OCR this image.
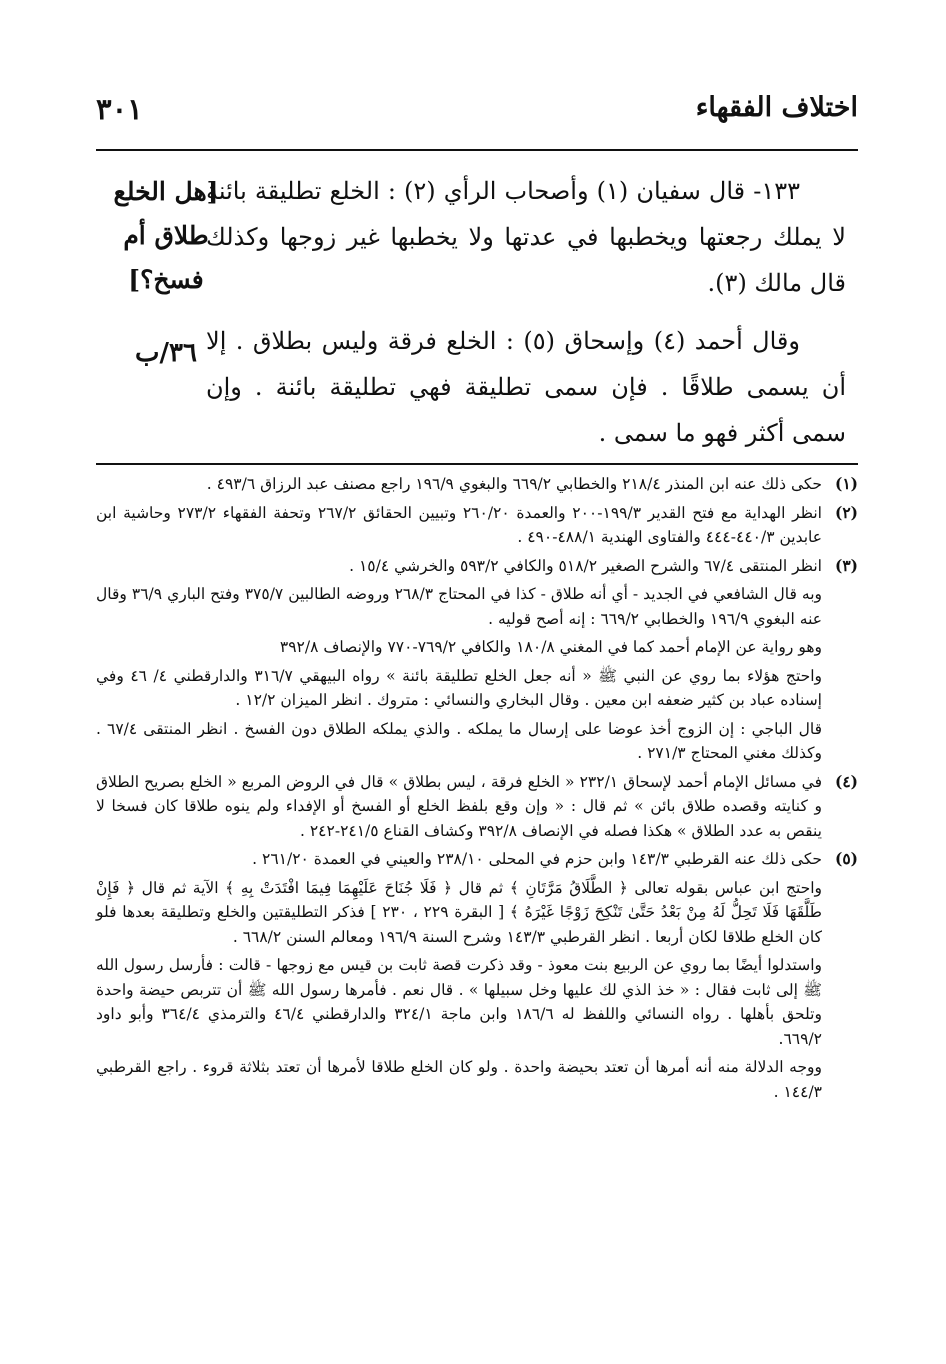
اختلاف الفقهاء
٣٠١

١٣٣- قال سفيان (١) وأصحاب الرأي (٢) : الخلع تطليقة بائنة لا يملك رجعتها ويخطبها في عدتها ولا يخطبها غير زوجها وكذلك قال مالك (٣).

وقال أحمد (٤) وإسحاق (٥) : الخلع فرقة وليس بطلاق . إلا أن يسمى طلاقًا . فإن سمى تطليقة فهي تطليقة بائنة . وإن سمى أكثر فهو ما سمى .

[هل الخلع طلاق أم فسخ؟]
٣٦/ب
(١)
حكى ذلك عنه ابن المنذر ٢١٨/٤ والخطابي ٦٦٩/٢ والبغوي ١٩٦/٩ راجع مصنف عبد الرزاق ٤٩٣/٦ .
(٢)
انظر الهداية مع فتح القدير ١٩٩/٣-٢٠٠ والعمدة ٢٦٠/٢٠ وتبيين الحقائق ٢٦٧/٢ وتحفة الفقهاء ٢٧٣/٢ وحاشية ابن عابدين ٤٤٠/٣-٤٤٤ والفتاوى الهندية ٤٨٨/١-٤٩٠ .
(٣)
انظر المنتقى ٦٧/٤ والشرح الصغير ٥١٨/٢ والكافي ٥٩٣/٢ والخرشي ١٥/٤ .
وبه قال الشافعي في الجديد - أي أنه طلاق - كذا في المحتاج ٢٦٨/٣ وروضه الطالبين ٣٧٥/٧ وفتح الباري ٣٦/٩ وقال عنه البغوي ١٩٦/٩ والخطابي ٦٦٩/٢ : إنه أصح قوليه .
وهو رواية عن الإمام أحمد كما في المغني ١٨٠/٨ والكافي ٧٦٩/٢-٧٧٠ والإنصاف ٣٩٢/٨
واحتج هؤلاء بما روي عن النبي ﷺ « أنه جعل الخلع تطليقة بائنة » رواه البيهقي ٣١٦/٧ والدارقطني ٤/ ٤٦ وفي إسناده عباد بن كثير ضعفه ابن معين . وقال البخاري والنسائي : متروك . انظر الميزان ١٢/٢ .
قال الباجي : إن الزوج أخذ عوضا على إرسال ما يملكه . والذي يملكه الطلاق دون الفسخ . انظر المنتقى ٦٧/٤ . وكذلك مغني المحتاج ٢٧١/٣ .
(٤)
في مسائل الإمام أحمد لإسحاق ٢٣٢/١ « الخلع فرقة ، ليس بطلاق » قال في الروض المربع « الخلع بصريح الطلاق و كنايته وقصده طلاق بائن » ثم قال : « وإن وقع بلفظ الخلع أو الفسخ أو الإفداء ولم ينوه طلاقا كان فسخا لا ينقص به عدد الطلاق » هكذا فصله في الإنصاف ٣٩٢/٨ وكشاف القناع ٢٤١/٥-٢٤٢ .
(٥)
حكى ذلك عنه القرطبي ١٤٣/٣ وابن حزم في المحلى ٢٣٨/١٠ والعيني في العمدة ٢٦١/٢٠ .
واحتج ابن عباس بقوله تعالى ﴿ الطَّلَاقُ مَرَّتَانِ ﴾ ثم قال ﴿ فَلَا جُنَاحَ عَلَيْهِمَا فِيمَا افْتَدَتْ بِهِ ﴾ الآية ثم قال ﴿ فَإِنْ طَلَّقَهَا فَلَا تَحِلُّ لَهُ مِنْ بَعْدُ حَتَّىٰ تَنْكِحَ زَوْجًا غَيْرَهُ ﴾ [ البقرة ٢٢٩ ، ٢٣٠ ] فذكر التطليقتين والخلع وتطليقة بعدها فلو كان الخلع طلاقا لكان أربعا . انظر القرطبي ١٤٣/٣ وشرح السنة ١٩٦/٩ ومعالم السنن ٦٦٨/٢ .
واستدلوا أيضًا بما روي عن الربيع بنت معوذ - وقد ذكرت قصة ثابت بن قيس مع زوجها - قالت : فأرسل رسول الله ﷺ إلى ثابت فقال : « خذ الذي لك عليها وخل سبيلها » . قال نعم . فأمرها رسول الله ﷺ أن تتربص حيضة واحدة وتلحق بأهلها . رواه النسائي واللفظ له ١٨٦/٦ وابن ماجة ٣٢٤/١ والدارقطني ٤٦/٤ والترمذي ٣٦٤/٤ وأبو داود ٦٦٩/٢.
ووجه الدلالة منه أنه أمرها أن تعتد بحيضة واحدة . ولو كان الخلع طلاقا لأمرها أن تعتد بثلاثة قروء . راجع القرطبي ١٤٤/٣ .
